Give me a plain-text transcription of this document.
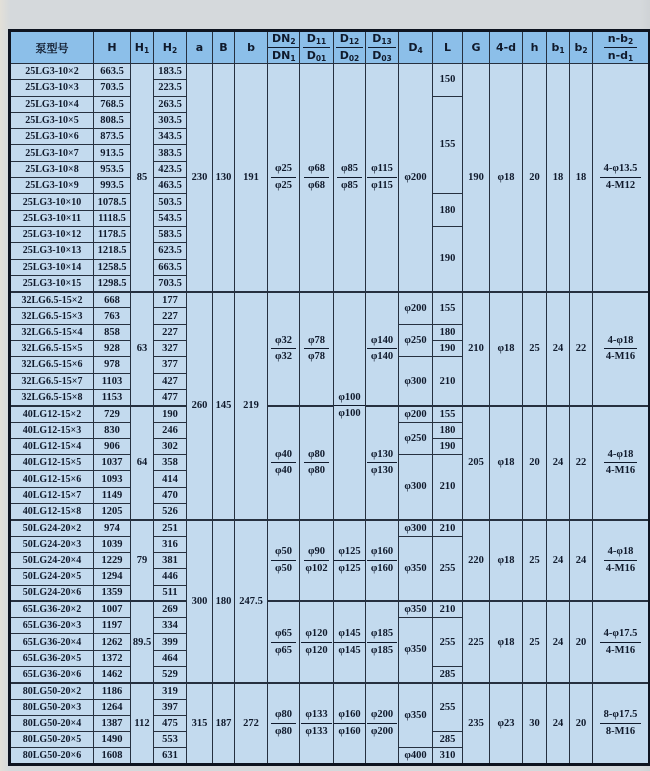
泵型号	H	$H_1$	$H_2$	a	B	b	$\frac{DN_2}{DN_1}$	$\frac{D_{11}}{D_{01}}$	$\frac{D_{12}}{D_{02}}$	$\frac{D_{13}}{D_{03}}$	$D_4$	L	G	4-d	h	$b_1$	$b_2$	$\frac{n-b_2}{n-d_1}$

25LG3-10×2	663.5	85	183.5	230	130	191	$\frac{\varphi 25}{\varphi 25}$	$\frac{\varphi 68}{\varphi 68}$	$\frac{\varphi 85}{\varphi 85}$	$\frac{\varphi 115}{\varphi 115}$	φ200	150	190	φ18	20	18	18	$\frac{4-\varphi 13.5}{4-M12}$

25LG3-10×3	703.5		223.5															
25LG3-10×4	768.5		263.5									155						
25LG3-10×5	808.5		303.5															
25LG3-10×6	873.5		343.5															
25LG3-10×7	913.5		383.5															
25LG3-10×8	953.5		423.5															
25LG3-10×9	993.5		463.5															
25LG3-10×10	1078.5		503.5									180						
25LG3-10×11	1118.5		543.5															
25LG3-10×12	1178.5		583.5									190						
25LG3-10×13	1218.5		623.5															
25LG3-10×14	1258.5		663.5															
25LG3-10×15	1298.5		703.5															
32LG6.5-15×2	668	63	177	260	145	219	$\frac{\varphi 32}{\varphi 32}$	$\frac{\varphi 78}{\varphi 78}$	$\frac{\varphi 100}{\varphi 100}$	$\frac{\varphi 140}{\varphi 140}$	φ200	155	210	φ18	25	24	22	$\frac{4-\varphi 18}{4-M16}$

32LG6.5-15×3	763		227															
32LG6.5-15×4	858		227								φ250	180						
32LG6.5-15×5	928		327									190						
32LG6.5-15×6	978		377								φ300	210						
32LG6.5-15×7	1103		427															
32LG6.5-15×8	1153		477															
40LG12-15×2	729	64	190				$\frac{\varphi 40}{\varphi 40}$	$\frac{\varphi 80}{\varphi 80}$		$\frac{\varphi 130}{\varphi 130}$	φ200	155	205	φ18	20	24	22	$\frac{4-\varphi 18}{4-M16}$

40LG12-15×3	830		246								φ250	180						
40LG12-15×4	906		302									190						
40LG12-15×5	1037		358								φ300	210						
40LG12-15×6	1093		414															
40LG12-15×7	1149		470															
40LG12-15×8	1205		526															
50LG24-20×2	974	79	251	300	180	247.5	$\frac{\varphi 50}{\varphi 50}$	$\frac{\varphi 90}{\varphi 102}$	$\frac{\varphi 125}{\varphi 125}$	$\frac{\varphi 160}{\varphi 160}$	φ300	210	220	φ18	25	24	24	$\frac{4-\varphi 18}{4-M16}$

50LG24-20×3	1039		316								φ350	255						
50LG24-20×4	1229		381															
50LG24-20×5	1294		446															
50LG24-20×6	1359		511															
65LG36-20×2	1007	89.5	269				$\frac{\varphi 65}{\varphi 65}$	$\frac{\varphi 120}{\varphi 120}$	$\frac{\varphi 145}{\varphi 145}$	$\frac{\varphi 185}{\varphi 185}$	φ350	210	225	φ18	25	24	20	$\frac{4-\varphi 17.5}{4-M16}$

65LG36-20×3	1197		334								φ350	255						
65LG36-20×4	1262		399															
65LG36-20×5	1372		464															
65LG36-20×6	1462		529									285						
80LG50-20×2	1186	112	319	315	187	272	$\frac{\varphi 80}{\varphi 80}$	$\frac{\varphi 133}{\varphi 133}$	$\frac{\varphi 160}{\varphi 160}$	$\frac{\varphi 200}{\varphi 200}$	φ350	255	235	φ23	30	24	20	$\frac{8-\varphi 17.5}{8-M16}$

80LG50-20×3	1264		397															
80LG50-20×4	1387		475															
80LG50-20×5	1490		553									285						
80LG50-20×6	1608		631								φ400	310						
